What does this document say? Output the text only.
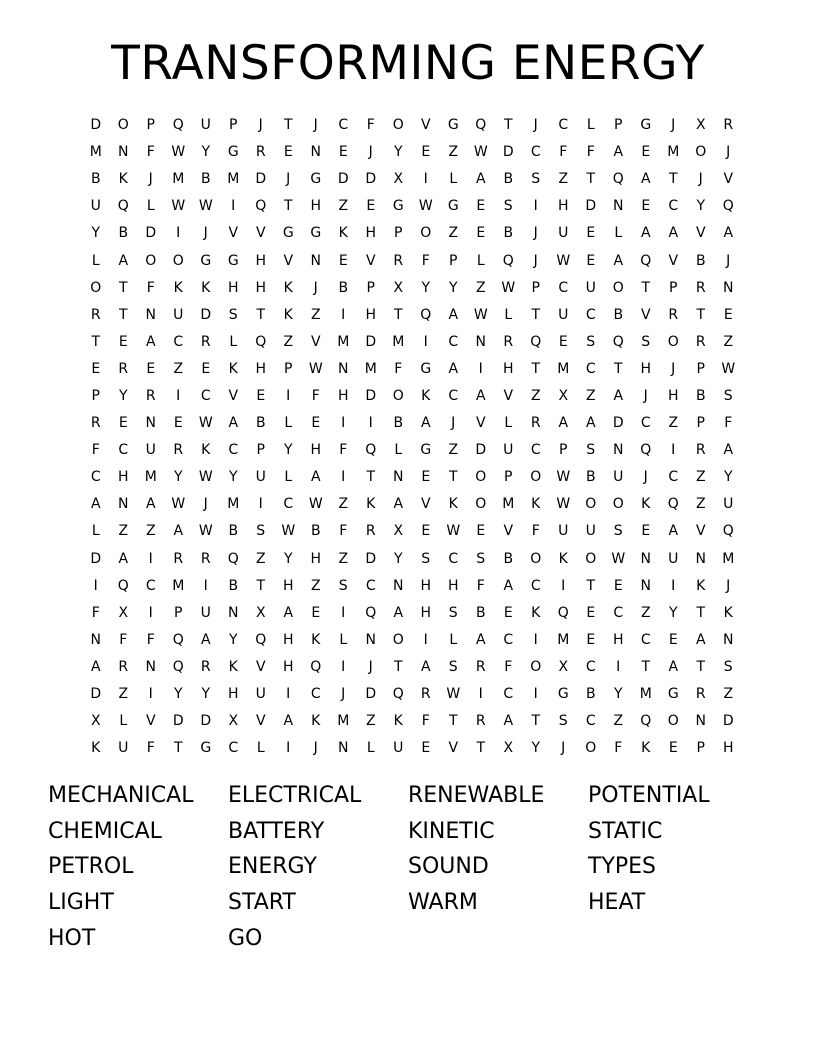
TRANSFORMING ENERGY
D	O	P	Q	U	P	J	T	J	C	F	O	V	G	Q	T	J	C	L	P	G	J	X	R
M	N	F	W	Y	G	R	E	N	E	J	Y	E	Z	W	D	C	F	F	A	E	M	O	J
B	K	J	M	B	M	D	J	G	D	D	X	I	L	A	B	S	Z	T	Q	A	T	J	V
U	Q	L	W W	I	Q	T	H	Z	E	G	W	G	E	S	I	H	D	N	E	C	Y	Q
Y	B	D	I	J	V	V	G	G	K	H	P	O	Z	E	B	J	U	E	L	A	A	V	A
L	A	O	O	G	G	H	V	N	E	V	R	F	P	L	Q	J	W	E	A	Q	V	B	J
O	T	F	K	K	H	H	K	J	B	P	X	Y	Y	Z	W	P	C	U	O	T	P	R	N
R	T	N	U	D	S	T	K	Z	I	H	T	Q	A	W	L	T	U	C	B	V	R	T	E
T	E	A	C	R	L	Q	Z	V	M	D	M	I	C	N	R	Q	E	S	Q	S	O	R	Z
E	R	E	Z	E	K	H	P	W	N	M	F	G	A	I	H	T	M	C	T	H	J	P	W
P	Y	R	I	C	V	E	I	F	H	D	O	K	C	A	V	Z	X	Z	A	J	H	B	S
R	E	N	E	W	A	B	L	E	I	I	B	A	J	V	L	R	A	A	D	C	Z	P	F
F	C	U	R	K	C	P	Y	H	F	Q	L	G	Z	D	U	C	P	S	N	Q	I	R	A
C	H	M	Y	W	Y	U	L	A	I	T	N	E	T	O	P	O	W	B	U	J	C	Z	Y
A	N	A	W	J	M	I	C	W	Z	K	A	V	K	O	M	K	W	O	O	K	Q	Z	U
L	Z	Z	A	W	B	S	W	B	F	R	X	E	W	E	V	F	U	U	S	E	A	V	Q
D	A	I	R	R	Q	Z	Y	H	Z	D	Y	S	C	S	B	O	K	O	W	N	U	N	M
I	Q	C	M	I	B	T	H	Z	S	C	N	H	H	F	A	C	I	T	E	N	I	K	J
F	X	I	P	U	N	X	A	E	I	Q	A	H	S	B	E	K	Q	E	C	Z	Y	T	K
N	F	F	Q	A	Y	Q	H	K	L	N	O	I	L	A	C	I	M	E	H	C	E	A	N
A	R	N	Q	R	K	V	H	Q	I	J	T	A	S	R	F	O	X	C	I	T	A	T	S
D	Z	I	Y	Y	H	U	I	C	J	D	Q	R	W	I	C	I	G	B	Y	M	G	R	Z
X	L	V	D	D	X	V	A	K	M	Z	K	F	T	R	A	T	S	C	Z	Q	O	N	D
K	U	F	T	G	C	L	I	J	N	L	U	E	V	T	X	Y	J	O	F	K	E	P	H
MECHANICAL	ELECTRICAL	RENEWABLE	POTENTIAL
CHEMICAL	BATTERY	KINETIC	STATIC
PETROL	ENERGY	SOUND	TYPES
LIGHT	START	WARM	HEAT
HOT	GO
